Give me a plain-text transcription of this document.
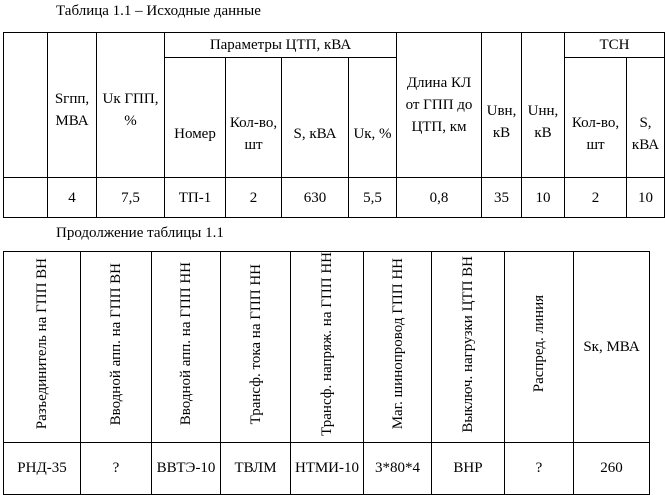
Таблица 1.1 – Исходные данные
	Sгпп, МВА	Uк ГПП, %	Параметры ЦТП, кВА				Длина КЛ от ГПП до ЦТП, км	Uвн, кВ	Uнн, кВ	ТСН	
			Номер	Кол-во, шт	S, кВА	Uк, %				Кол-во, шт	S, кВА
	4	7,5	ТП-1	2	630	5,5	0,8	35	10	2	10
Продолжение таблицы 1.1
Разъединитель на ГПП ВН	Вводной апп. на ГПП ВН	Вводной апп. на ГПП НН	Трансф. тока на ГПП НН	Трансф. напряж. на ГПП НН	Маг. шинопровод ГПП НН	Выключ. нагрузки ЦТП ВН	Распред. линия	Sк, МВА
РНД-35	?	ВВТЭ-10	ТВЛМ	НТМИ-10	3*80*4	ВНР	?	260
